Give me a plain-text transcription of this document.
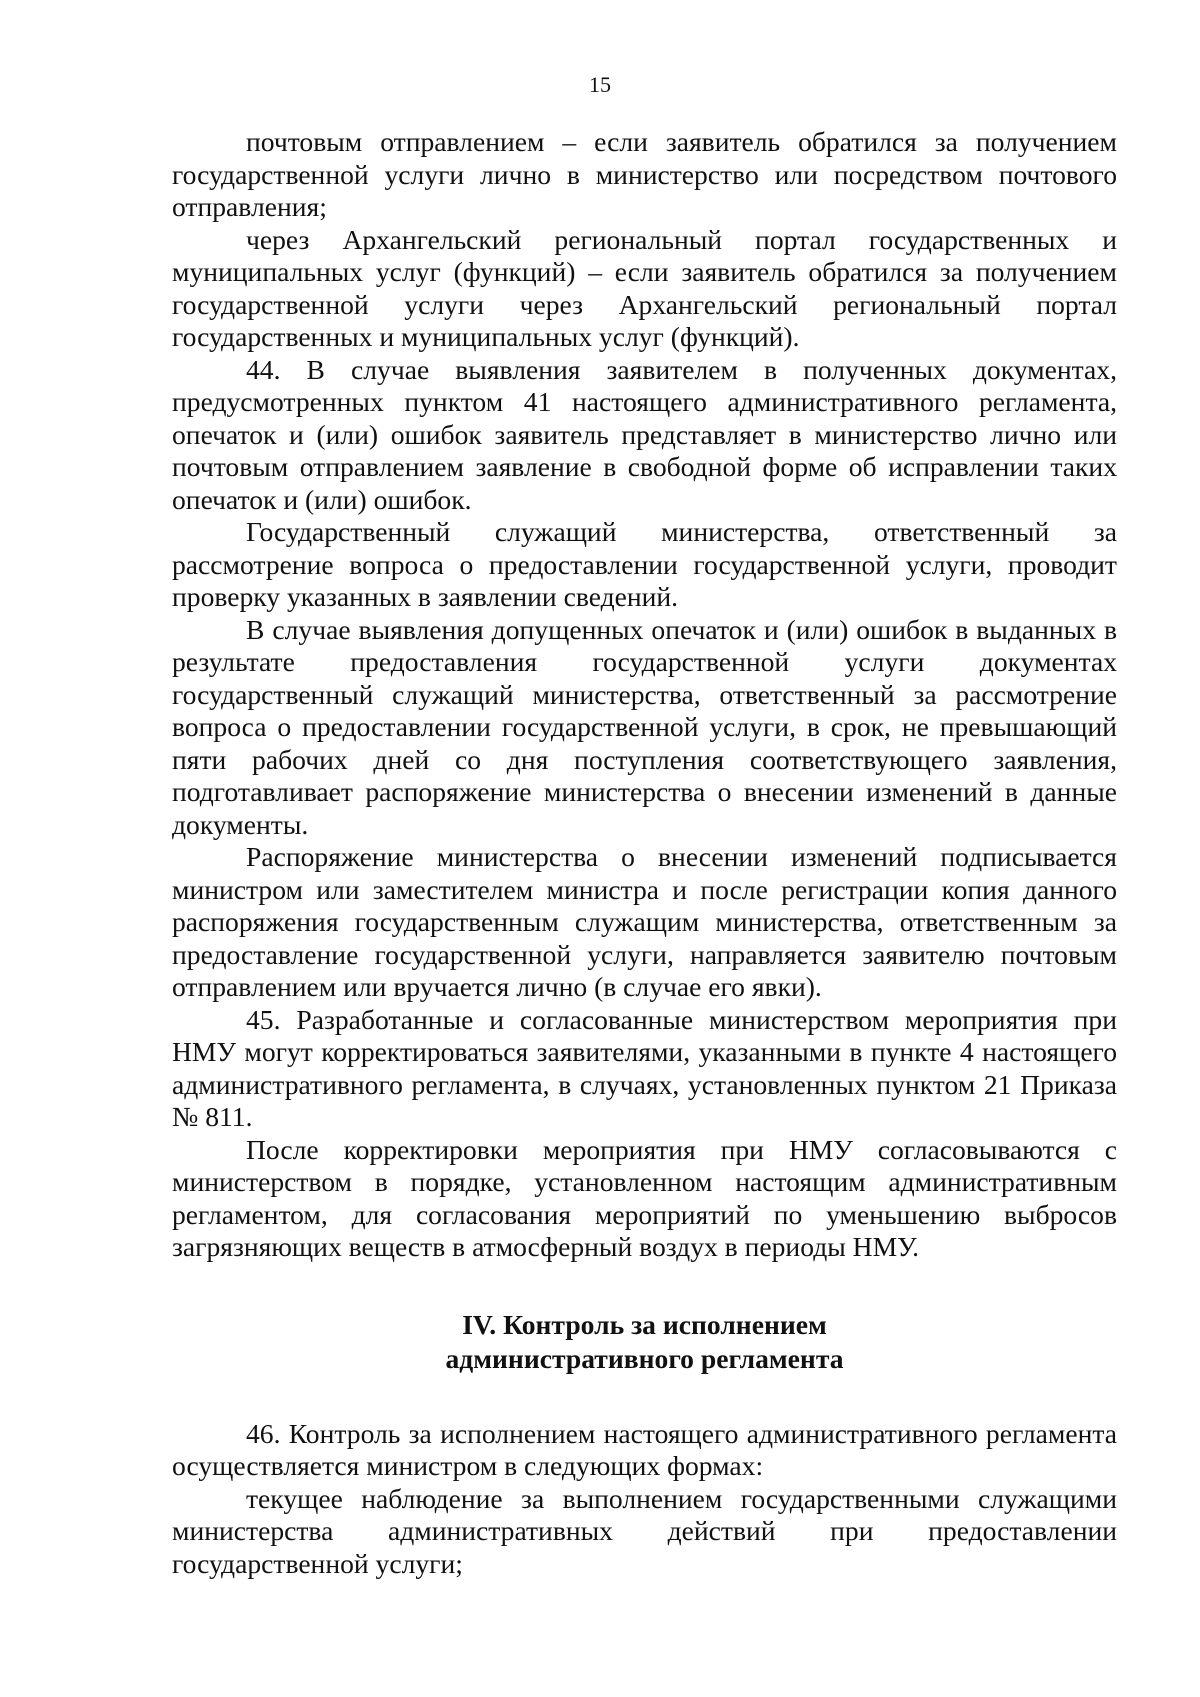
15

почтовым отправлением – если заявитель обратился за получением государственной услуги лично в министерство или посредством почтового отправления;

через Архангельский региональный портал государственных и муниципальных услуг (функций) – если заявитель обратился за получением государственной услуги через Архангельский региональный портал государственных и муниципальных услуг (функций).

44. В случае выявления заявителем в полученных документах, предусмотренных пунктом 41 настоящего административного регламента, опечаток и (или) ошибок заявитель представляет в министерство лично или почтовым отправлением заявление в свободной форме об исправлении таких опечаток и (или) ошибок.

Государственный служащий министерства, ответственный за рассмотрение вопроса о предоставлении государственной услуги, проводит проверку указанных в заявлении сведений.

В случае выявления допущенных опечаток и (или) ошибок в выданных в результате предоставления государственной услуги документах государственный служащий министерства, ответственный за рассмотрение вопроса о предоставлении государственной услуги, в срок, не превышающий пяти рабочих дней со дня поступления соответствующего заявления, подготавливает распоряжение министерства о внесении изменений в данные документы.

Распоряжение министерства о внесении изменений подписывается министром или заместителем министра и после регистрации копия данного распоряжения государственным служащим министерства, ответственным за предоставление государственной услуги, направляется заявителю почтовым отправлением или вручается лично (в случае его явки).

45. Разработанные и согласованные министерством мероприятия при НМУ могут корректироваться заявителями, указанными в пункте 4 настоящего административного регламента, в случаях, установленных пунктом 21 Приказа № 811.

После корректировки мероприятия при НМУ согласовываются с министерством в порядке, установленном настоящим административным регламентом, для согласования мероприятий по уменьшению выбросов загрязняющих веществ в атмосферный воздух в периоды НМУ.

IV. Контроль за исполнением
административного регламента

46. Контроль за исполнением настоящего административного регламента осуществляется министром в следующих формах:

текущее наблюдение за выполнением государственными служащими министерства административных действий при предоставлении государственной услуги;
